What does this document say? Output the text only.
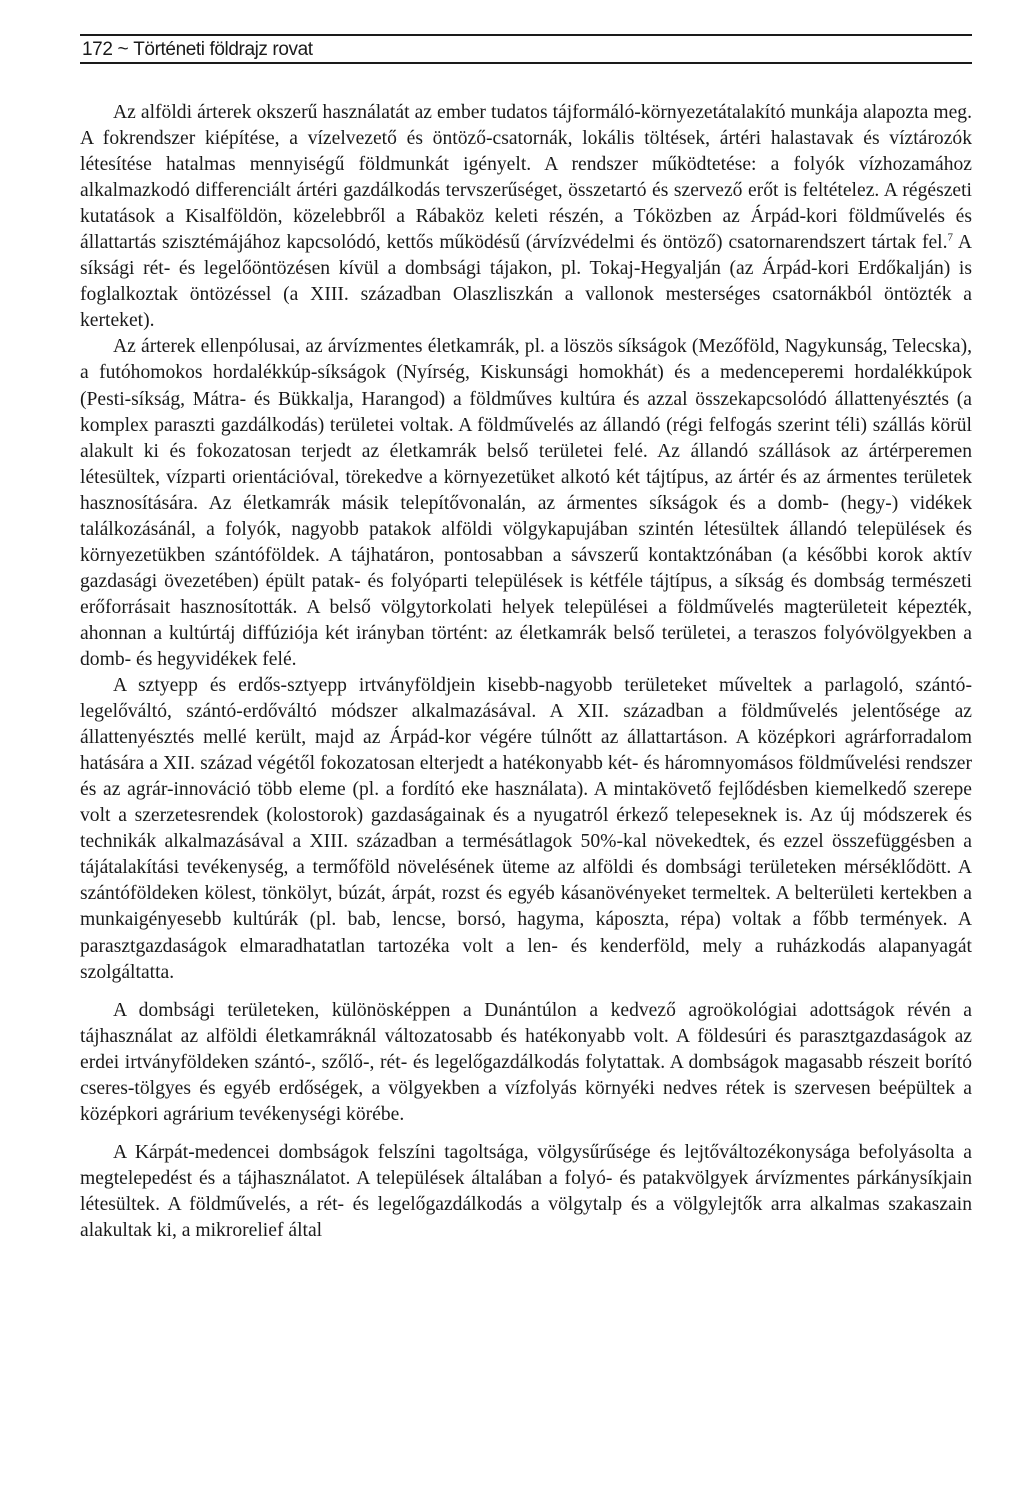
172 ~ Történeti földrajz rovat

Az alföldi árterek okszerű használatát az ember tudatos tájformáló-környezetátalakító munkája alapozta meg. A fokrendszer kiépítése, a vízelvezető és öntöző-csatornák, lokális töltések, ártéri halastavak és víztározók létesítése hatalmas mennyiségű földmunkát igényelt. A rendszer működtetése: a folyók vízhozamához alkalmazkodó differenciált ártéri gazdálkodás tervszerűséget, összetartó és szervező erőt is feltételez. A régészeti kutatások a Kisalföldön, közelebbről a Rábaköz keleti részén, a Tóközben az Árpád-kori földművelés és állattartás szisztémájához kapcsolódó, kettős működésű (árvízvédelmi és öntöző) csatornarendszert tártak fel.$^7$ A síksági rét- és legelőöntözésen kívül a dombsági tájakon, pl. Tokaj-Hegyalján (az Árpád-kori Erdőkalján) is foglalkoztak öntözéssel (a XIII. században Olaszliszkán a vallonok mesterséges csatornákból öntözték a kerteket).

Az árterek ellenpólusai, az árvízmentes életkamrák, pl. a löszös síkságok (Mezőföld, Nagykunság, Telecska), a futóhomokos hordalékkúp-síkságok (Nyírség, Kiskunsági homokhát) és a medenceperemi hordalékkúpok (Pesti-síkság, Mátra- és Bükkalja, Harangod) a földműves kultúra és azzal összekapcsolódó állattenyésztés (a komplex paraszti gazdálkodás) területei voltak. A földművelés az állandó (régi felfogás szerint téli) szállás körül alakult ki és fokozatosan terjedt az életkamrák belső területei felé. Az állandó szállások az ártérperemen létesültek, vízparti orientációval, törekedve a környezetüket alkotó két tájtípus, az ártér és az ármentes területek hasznosítására. Az életkamrák másik telepítővonalán, az ármentes síkságok és a domb- (hegy-) vidékek találkozásánál, a folyók, nagyobb patakok alföldi völgykapujában szintén létesültek állandó települések és környezetükben szántóföldek. A tájhatáron, pontosabban a sávszerű kontaktzónában (a későbbi korok aktív gazdasági övezetében) épült patak- és folyóparti települések is kétféle tájtípus, a síkság és dombság természeti erőforrásait hasznosították. A belső völgytorkolati helyek települései a földművelés magterületeit képezték, ahonnan a kultúrtáj diffúziója két irányban történt: az életkamrák belső területei, a teraszos folyóvölgyekben a domb- és hegyvidékek felé.

A sztyepp és erdős-sztyepp irtványföldjein kisebb-nagyobb területeket műveltek a parlagoló, szántó-legelőváltó, szántó-erdőváltó módszer alkalmazásával. A XII. században a földművelés jelentősége az állattenyésztés mellé került, majd az Árpád-kor végére túlnőtt az állattartáson. A középkori agrárforradalom hatására a XII. század végétől fokozatosan elterjedt a hatékonyabb két- és háromnyomásos földművelési rendszer és az agrár-innováció több eleme (pl. a fordító eke használata). A mintakövető fejlődésben kiemelkedő szerepe volt a szerzetesrendek (kolostorok) gazdaságainak és a nyugatról érkező telepeseknek is. Az új módszerek és technikák alkalmazásával a XIII. században a termésátlagok 50%-kal növekedtek, és ezzel összefüggésben a tájátalakítási tevékenység, a termőföld növelésének üteme az alföldi és dombsági területeken mérséklődött. A szántóföldeken kölest, tönkölyt, búzát, árpát, rozst és egyéb kásanövényeket termeltek. A belterületi kertekben a munkaigényesebb kultúrák (pl. bab, lencse, borsó, hagyma, káposzta, répa) voltak a főbb termények. A parasztgazdaságok elmaradhatatlan tartozéka volt a len- és kenderföld, mely a ruházkodás alapanyagát szolgáltatta.

A dombsági területeken, különösképpen a Dunántúlon a kedvező agroökológiai adottságok révén a tájhasználat az alföldi életkamráknál változatosabb és hatékonyabb volt. A földesúri és parasztgazdaságok az erdei irtványföldeken szántó-, szőlő-, rét- és legelőgazdálkodás folytattak. A dombságok magasabb részeit borító cseres-tölgyes és egyéb erdőségek, a völgyekben a vízfolyás környéki nedves rétek is szervesen beépültek a középkori agrárium tevékenységi körébe.

A Kárpát-medencei dombságok felszíni tagoltsága, völgysűrűsége és lejtőváltozékonysága befolyásolta a megtelepedést és a tájhasználatot. A települések általában a folyó- és patakvölgyek árvízmentes párkánysíkjain létesültek. A földművelés, a rét- és legelőgazdálkodás a völgytalp és a völgylejtők arra alkalmas szakaszain alakultak ki, a mikrorelief által
